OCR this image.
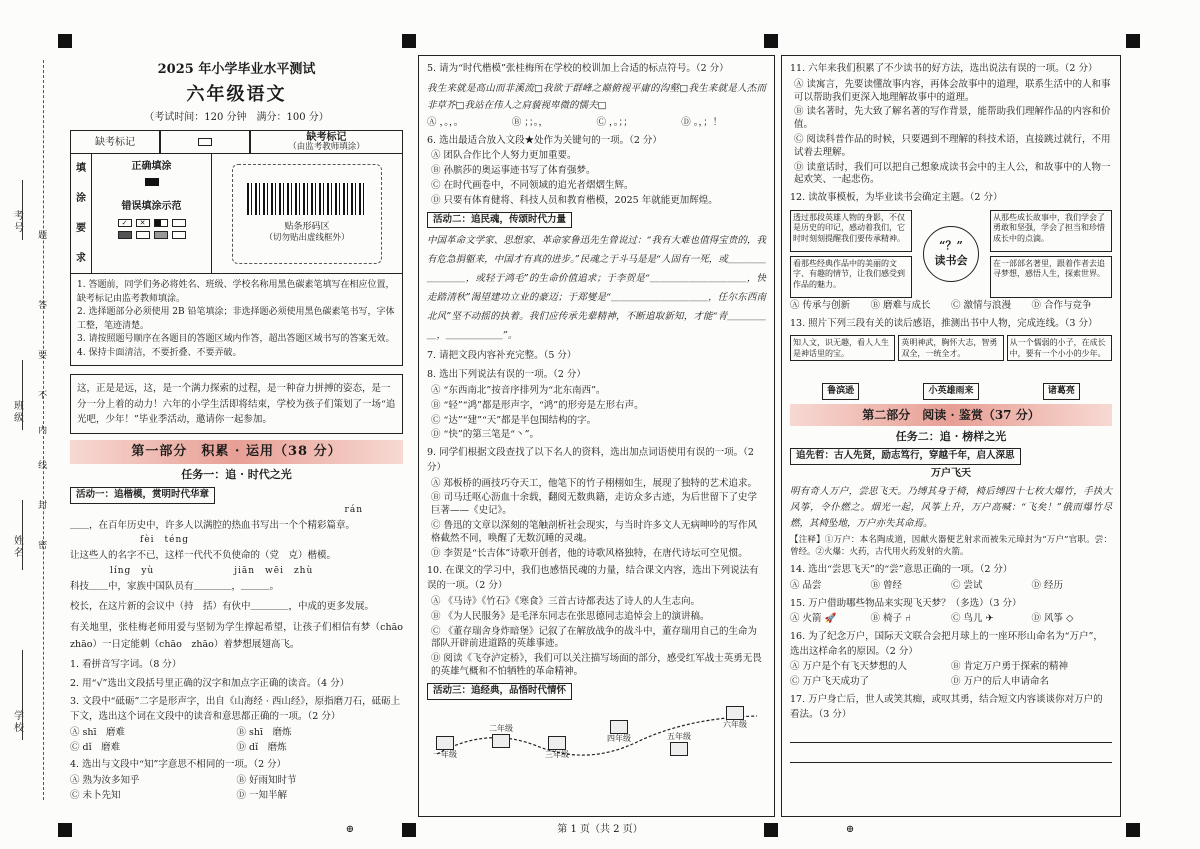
考号
班级
姓名
学校
题
答
要
不
内
线
封
密
2025 年小学毕业水平测试
六年级语文
（考试时间：120 分钟　 满分：100 分）
缺考标记	缺考标记
（由监考教师填涂）
填
涂
要
求
正确填涂
错误填涂示范
✓	✕	贴条形码区
（切勿贴出虚线框外）
1. 答题前，同学们务必将姓名、班级、学校名称用黑色碳素笔填写在相应位置，缺考标记由监考教师填涂。
2. 选择题部分必须使用 2B 铅笔填涂；非选择题必须使用黑色碳素笔书写，字体工整，笔迹清楚。
3. 请按照题号顺序在各题目的答题区域内作答，超出答题区域书写的答案无效。
4. 保持卡面清洁，不要折叠、不要弄破。
这，正是是远，这，是一个满力探索的过程，是一种奋力拼搏的姿态，是一分一分上着的动力！六年的小学生活即将结束，学校为孩子们策划了一场“追光吧，少年！”毕业季活动，邀请你一起参加。
第一部分　积累 · 运用（38 分）
任务一：追 · 时代之光
活动一：追楷模，赏明时代华章
rán
＿＿，在百年历史中，许多人以满腔的热血书写出一个个精彩篇章。
fèi　téng
让这些人的名字不已，这样一代代不负使命的（党　克）楷模。
líng　yù	jiān　wēi　zhù
科技＿＿中，家族中国队员有＿＿＿＿，＿＿＿。
校长，在这片新的会议中（持　括）有伙中＿＿＿＿，中成的更多发展。
有关地里，张桂梅老师用爱与坚韧为学生撑起希望，让孩子们相信有梦（chāo　zhāo）一日定能刺（chāo　zhāo）着梦想展翅高飞。
1. 看拼音写字词。（8 分）
2. 用“√”选出文段括号里正确的汉字和加点字正确的读音。（4 分）
3. 文段中“砥砺”二字是形声字，出自《山海经 · 西山经》，原指磨刀石，砥砺上下文，选出这个词在文段中的读音和意思都正确的一项。（2 分）
Ⓐ shī　磨难	Ⓑ shī　磨炼
Ⓒ dǐ　磨难	Ⓓ dǐ　磨炼
4. 选出与文段中“知”字意思不相同的一项。（2 分）
Ⓐ 熟为汝多知乎	Ⓑ 好雨知时节
Ⓒ 未卜先知	Ⓓ 一知半解
5. 请为“时代楷模”张桂梅所在学校的校训加上合适的标点符号。（2 分）
我生来就是高山而非溪流□我欲于群峰之巅俯视平庸的沟壑□我生来就是人杰而非草芥□我站在伟人之肩藐视卑微的懦夫□
Ⓐ ，。，。	Ⓑ ；；。，	Ⓒ ，。；；	Ⓓ 。，；！
6. 选出最适合放入文段★处作为关键句的一项。（2 分）
Ⓐ 团队合作比个人努力更加重要。
Ⓑ 孙膑莎的奥运事迹书写了体育强梦。
Ⓒ 在时代画卷中，不同领域的追光者熠熠生辉。
Ⓓ 只要有体育健将、科技人员和教育楷模，2025 年就能更加辉煌。
活动二：追民魂，传颂时代力量
中国革命文学家、思想家、革命家鲁迅先生曾说过：“我有大难也值得宝贵的，我有危急捐躯来，中国才有真的进步。”民魂之于斗马是是“人固有一死，或＿＿＿＿＿＿＿＿，或轻于鸿毛”的生命价值追求；于李贺是“＿＿＿＿＿＿＿＿＿＿，快走踏清秋”渴望建功立业的豪迈；于郑燮是“＿＿＿＿＿＿＿＿＿＿，任尔东西南北风”坚不动摇的执着。我们应传承先辈精神，不断追取新知，才能“青＿＿＿＿＿，＿＿＿＿＿＿”。
7. 请把文段内容补充完整。（5 分）
8. 选出下列说法有误的一项。（2 分）
Ⓐ “东西南北”按音序排列为“北东南西”。
Ⓑ “轻”“鸿”都是形声字，“鸿”的形旁是左形右声。
Ⓒ “达”“建”“天”都是半包围结构的字。
Ⓓ “快”的第三笔是“丶”。
9. 同学们根据文段查找了以下名人的资料，选出加点词语使用有误的一项。（2 分）
Ⓐ 郑板桥的画技巧夺天工，他笔下的竹子栩栩如生，展现了独特的艺术追求。
Ⓑ 司马迁呕心沥血十余载，翻阅无数典籍，走访众多古迹，为后世留下了史学巨著——《史记》。
Ⓒ 鲁迅的文章以深刻的笔触剖析社会现实，与当时许多文人无病呻吟的写作风格截然不同，唤醒了无数沉睡的灵魂。
Ⓓ 李贺是“长吉体”诗歌开创者，他的诗歌风格独特，在唐代诗坛可空见惯。
10. 在课文的学习中，我们也感悟民魂的力量，结合课文内容，选出下列说法有误的一项。（2 分）
Ⓐ 《马诗》《竹石》《寒食》三首古诗都表达了诗人的人生志向。
Ⓑ 《为人民服务》是毛泽东同志在张思德同志追悼会上的演讲稿。
Ⓒ 《董存瑞舍身炸暗堡》记叙了在解放战争的战斗中，董存瑞用自己的生命为部队开辟前进道路的英雄事迹。
Ⓓ 阅读《飞夺泸定桥》，我们可以关注描写场面的部分，感受红军战士英勇无畏的英雄气概和不怕牺牲的革命精神。
活动三：追经典，品悟时代情怀
一年级
二年级
三年级
四年级	五年级
六年级
11. 六年来我们积累了不少读书的好方法，选出说法有误的一项。（2 分）
Ⓐ 读寓言，先要读懂故事内容，再体会故事中的道理，联系生活中的人和事可以帮助我们更深入地理解故事中的道理。
Ⓑ 读名著时，先大致了解名著的写作背景，能帮助我们理解作品的内容和价值。
Ⓒ 阅读科普作品的时候，只要遇到不理解的科技术语，直接跳过就行，不用试着去理解。
Ⓓ 读童话时，我们可以把自己想象成读书会中的主人公，和故事中的人物一起欢笑、一起悲伤。
12. 读故事模板，为毕业读书会确定主题。（2 分）
透过那段英雄人物的身影，不仅是历史的印记，感动着我们，它时时刻刻提醒我们要传承精神。
“？”
读书会
从那些成长故事中，我们学会了勇敢和坚强，学会了担当和珍惜成长中的点滴。
看那些经典作品中的美丽的文字、有趣的情节，让我们感受到作品的魅力。
在一部部名著里，跟着作者去追寻梦想，感悟人生，探索世界。
Ⓐ 传承与创新	Ⓑ 磨难与成长	Ⓒ 激情与浪漫	Ⓓ 合作与竞争
13. 照片下列三段有关的读后感语，推测出书中人物，完成连线。（3 分）
知人文，识无趣，看人人生是神话里的宝。
英明神武，胸怀大志，智勇双全，一统全才。
从一个懦弱的小子，在成长中，要有一个小小的少年。
鲁滨逊	小英雄雨来	诸葛亮
第二部分　阅读 · 鉴赏（37 分）
任务二：追 · 榜样之光
追先哲：古人先贤，励志笃行，穿越千年，启人深思
万户飞天
明有奇人万户，尝思飞天。乃缚其身于椅，椅后缚四十七枚大爆竹，手执大风筝，令仆燃之。烟光一起，风筝上升，万户高喊：“飞矣！”俄而爆竹尽燃，其椅坠地，万户亦失其命焉。
【注释】①万户：本名陶成道，因献火器便艺射求而被朱元璋封为“万户”官职。尝：曾经。②火爆：火药，古代用火药发射的火箭。
14. 选出“尝思飞天”的“尝”意思正确的一项。（2 分）
Ⓐ 品尝	Ⓑ 曾经	Ⓒ 尝试	Ⓓ 经历
15. 万户借助哪些物品来实现飞天梦？（多选）（3 分）
Ⓐ 火箭 🚀	Ⓑ 椅子 ⑁	Ⓒ 鸟儿 ✈	Ⓓ 风筝 ◇
16. 为了纪念万户，国际天文联合会把月球上的一座环形山命名为“万户”，选出这样命名的原因。（2 分）
Ⓐ 万户是个有飞天梦想的人	Ⓑ 肯定万户勇于探索的精神
Ⓒ 万户飞天成功了	Ⓓ 万户的后人申请命名
17. 万户身亡后，世人或笑其痴，或叹其勇，结合短文内容谈谈你对万户的看法。（3 分）
⊕	第 1 页（共 2 页）	⊕
